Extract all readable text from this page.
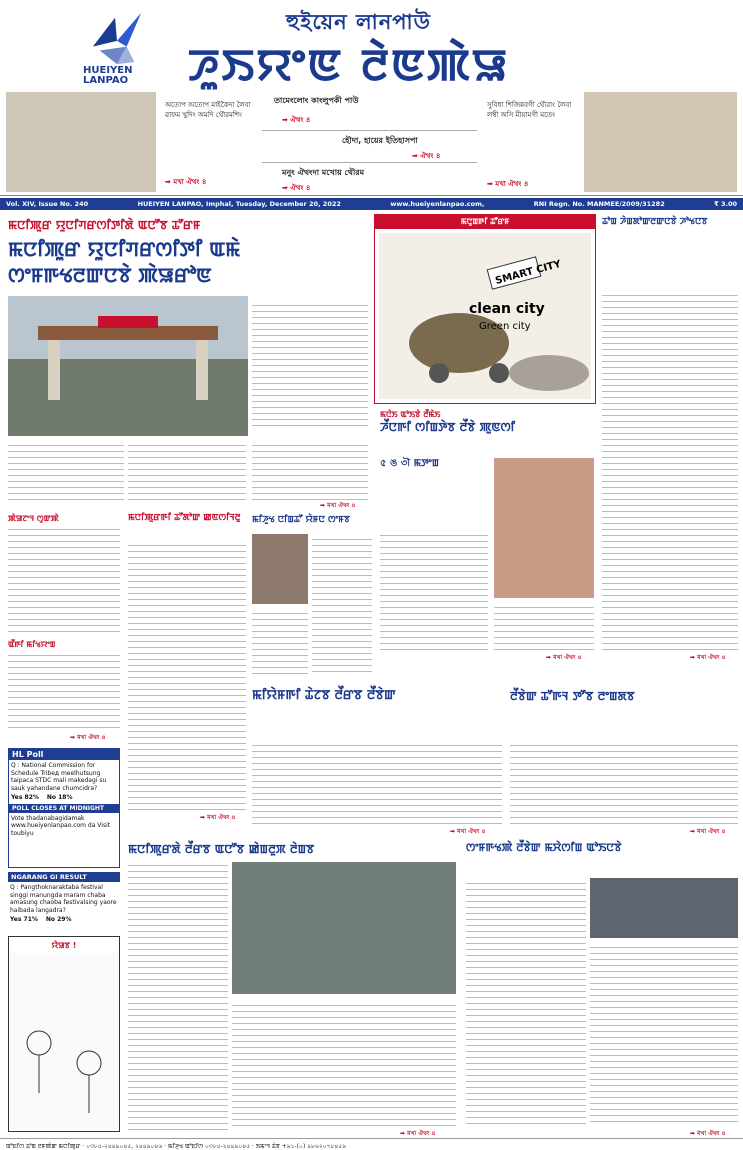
HUEIYEN
LANPAO
হুইয়েন লানপাউ
ꯍꯨꯏꯌꯦꯟ ꯂꯥꯟꯄꯥꯎ
অতোপ অতোপ মাইকৈদা লৈবা ৱাফম খুদিং অমদি থৌরমশিং
➡ মখা ঐথং ৪
তামেংলোং কাংলুপকী পাউ
➡ ঐথং ৪
হৌদা, হায়ের ইতিহাসপা
➡ ঐথং ৪
মনুং ঐথংদা মখোয় থৌরম
➡ ঐথং ৪
সুবিধা শিজিন্নবগী থৌরাং লৈবা লম্বী অসি মীয়ামগী মতেং
➡ মখা ঐথং ৪
Vol. XIV, Issue No. 240	HUEIYEN LANPAO, Imphal, Tuesday, December 20, 2022	www.hueiyenlanpao.com,	RNI Regn. No. MANMEE/2009/31282	₹ 3.00
ꯃꯅꯤꯄꯨꯔ ꯌꯨꯅꯤꯚꯔꯁꯤꯇꯤꯗꯥ ꯑꯅꯧꯕ ꯊꯧꯔꯝ
ꯃꯅꯤꯄꯨꯔ ꯌꯨꯅꯤꯚꯔꯁꯤꯇꯤ ꯑꯃꯥ ꯁꯦꯝꯒꯠꯂꯛꯅꯕꯥ ꯄꯥꯎꯔꯣꯟ
➡ মখা ঐথং ৪
ꯃꯅꯨꯡꯒꯤ ꯊꯧꯔꯝ
SMART CITY
clean city
Green city
ꯃꯅꯥꯏ ꯑꯣꯏꯕꯥ ꯂꯩꯃꯥꯏ
ꯍꯩꯅꯒꯤ ꯁꯤꯡꯇꯥꯕ ꯂꯩꯕꯥ ꯄꯨꯟꯁꯤ
৫ ঙ ৩ৗ ꯃꯇꯦꯡ
➡ মখা ঐথং ৪
ꯊꯣꯡ ꯍꯥꯡꯗꯣꯛꯂꯛꯅꯕꯥ ꯍꯣꯠꯅꯕ
➡ মখা ঐথং ৪
ꯄꯥꯎꯖꯦꯜ ꯁꯨꯛꯄꯥ
ꯑꯩꯒꯤ ꯃꯤꯠꯌꯦꯡ
➡ মখা ঐথং ৪
HL Poll
Q : National Commission for Schedule Tribeд meelhutsung taipaca STDC mali makedagi su sauk yahandane chumcidra?
Yes 82% No 18%
POLL CLOSES AT MIDNIGHT
Vote thadanabagidamak www.hueiyenlanpao.com da Visit toubiyu
NGARANG GI RESULT
Q : Pangthoknaraktaba festival singgi manungda maram chaba amasung chaoba festivalsing yaore haibada langadra?
Yes 71% No 29%
ꯌꯥꯎꯕ !
ꯃꯅꯤꯄꯨꯔꯒꯤ ꯊꯧꯗꯣꯛ ꯀꯟꯁꯤꯜꯂꯨ
➡ মখা ঐথং ৪
ꯃꯤꯍꯨꯠ ꯅꯤꯡꯊꯧ ꯌꯥꯝꯅ ꯁꯦꯝꯕ
ꯃꯤꯌꯥꯝꯒꯤ ꯊꯥꯖꯕ ꯂꯩꯔꯕ ꯂꯩꯕꯥꯛ
➡ মখা ঐথং ৪
ꯂꯩꯕꯥꯛ ꯊꯧꯒꯜ ꯇꯧꯕ ꯂꯦꯡꯗꯕ
➡ মখা ঐথং ৪
ꯃꯅꯤꯄꯨꯔꯗꯥ ꯂꯩꯔꯕ ꯑꯅꯧꯕ ꯀꯥꯡꯂꯨꯞ ꯂꯥꯡꯕ
➡ মখা ঐথং ৪
ꯁꯦꯝꯒꯠꯄꯥ ꯂꯩꯕꯥꯛ ꯃꯆꯥꯁꯤꯡ ꯑꯣꯏꯅꯕꯥ
➡ মখা ঐথং ৪
ꯑꯣꯐꯤꯁ ꯊꯣꯡ ꯂꯝꯄꯥꯛ ꯃꯅꯤꯄꯨꯔ · ০৩৮৫-২৪৪৯০৪৫, ২৪৪৯০৪৬ · ꯃꯤꯍꯨꯠ ꯑꯣꯐꯤꯁ ০৩৮৫-২৪৪৯০৪৫ · ꯏꯃꯦꯜ ꯊꯥꯕ +৯১-(০) ৯৮৬২০৭৮৪৫৯
